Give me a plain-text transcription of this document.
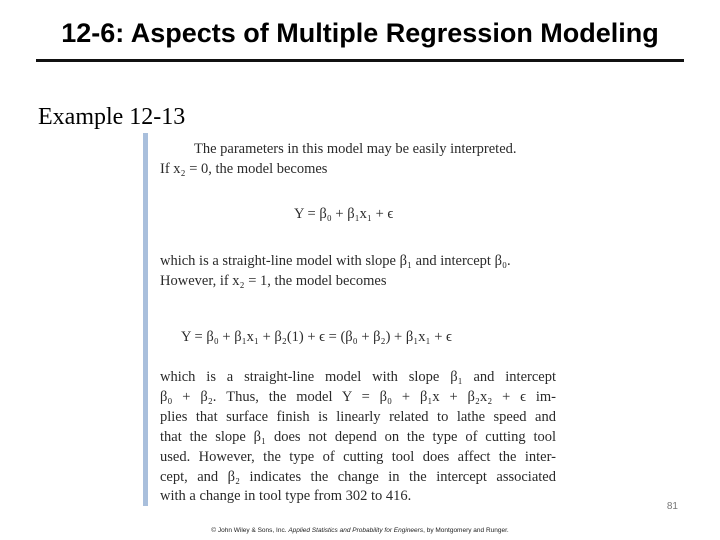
12-6: Aspects of Multiple Regression Modeling
Example 12-13
The parameters in this model may be easily interpreted.
If x₂ = 0, the model becomes
Y = β₀ + β₁x₁ + ϵ
which is a straight-line model with slope β₁ and intercept β₀.
However, if x₂ = 1, the model becomes
Y = β₀ + β₁x₁ + β₂(1) + ϵ = (β₀ + β₂) + β₁x₁ + ϵ
which is a straight-line model with slope β₁ and intercept
β₀ + β₂. Thus, the model Y = β₀ + β₁x + β₂x₂ + ϵ im-
plies that surface finish is linearly related to lathe speed and
that the slope β₁ does not depend on the type of cutting tool
used. However, the type of cutting tool does affect the inter-
cept, and β₂ indicates the change in the intercept associated
with a change in tool type from 302 to 416.
81
© John Wiley & Sons, Inc. Applied Statistics and Probability for Engineers, by Montgomery and Runger.
